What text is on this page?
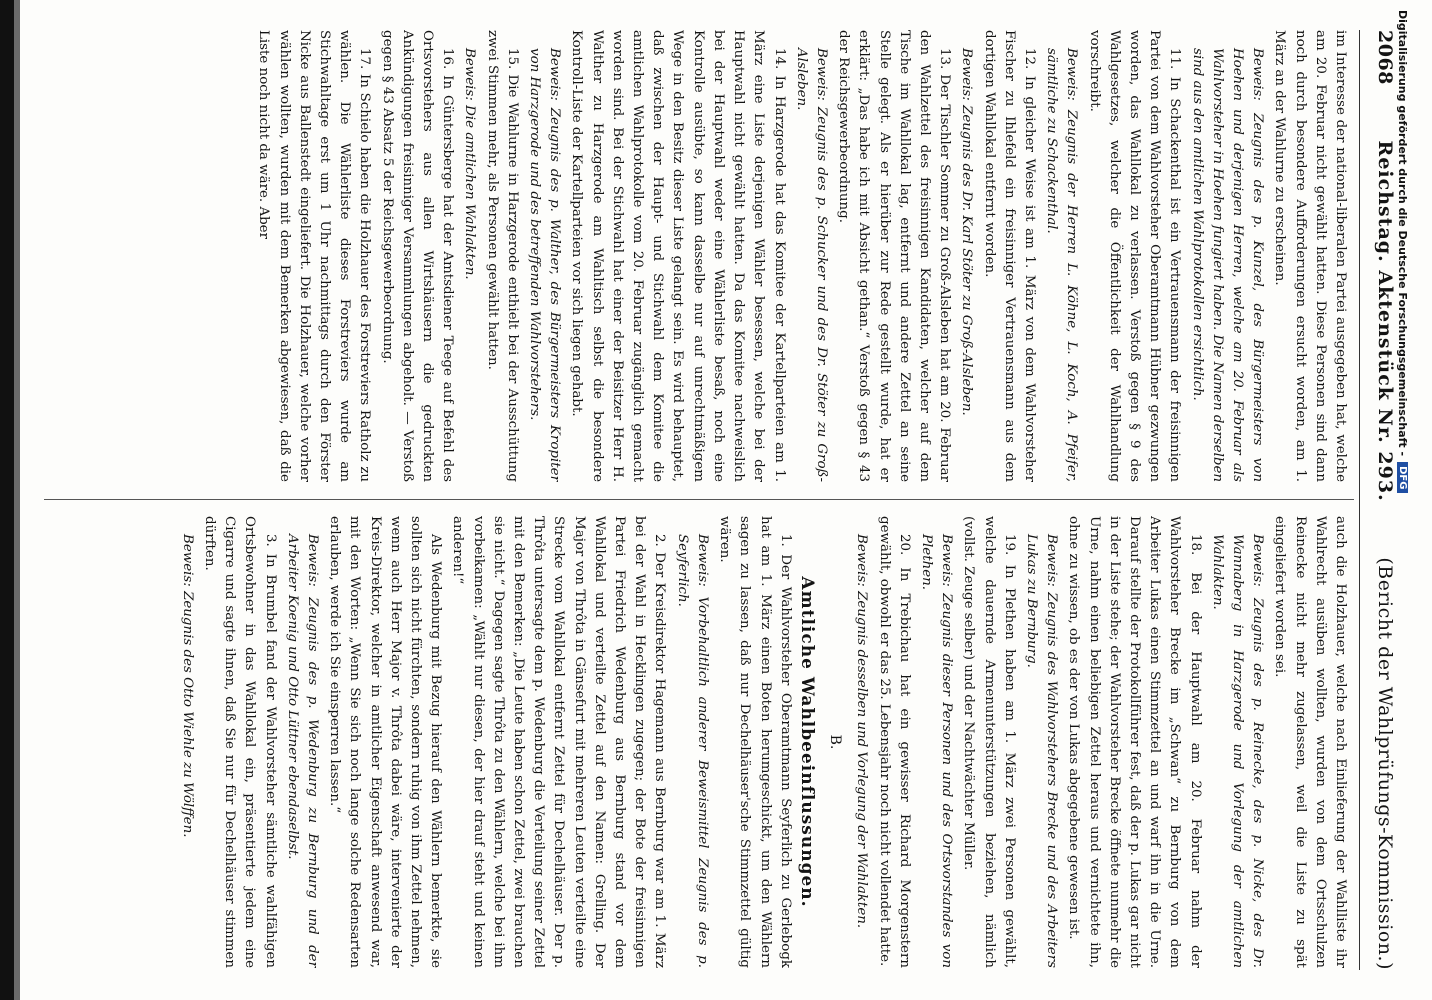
2068
Reichstag. Aktenstück Nr. 293.
(Bericht der Wahlprüfungs-Kommission.)

im Interesse der national-liberalen Partei ausgegeben hat, welche am 20. Februar nicht gewählt hatten. Diese Personen sind dann noch durch besondere Aufforderungen ersucht worden, am 1. März an der Wahlurne zu erscheinen.

Beweis: Zeugnis des p. Kunzel, des Bürgermeisters von Hoehen und derjenigen Herren, welche am 20. Februar als Wahlvorsteher in Hoehen fungiert haben. Die Namen derselben sind aus den amtlichen Wahlprotokollen ersichtlich.

11. In Schackenthal ist ein Vertrauensmann der freisinnigen Partei von dem Wahlvorsteher Oberamtmann Hübner gezwungen worden, das Wahllokal zu verlassen. Verstoß gegen § 9 des Wahlgesetzes, welcher die Öffentlichkeit der Wahlhandlung vorschreibt.

Beweis: Zeugnis der Herren L. Köhne, L. Koch, A. Pfeifer, sämtliche zu Schackenthal.

12. In gleicher Weise ist am 1. März von dem Wahlvorsteher Fischer zu Ihlefeld ein freisinniger Vertrauensmann aus dem dortigen Wahllokal entfernt worden.

Beweis: Zeugnis des Dr. Karl Stöter zu Groß-Alsleben.

13. Der Tischler Sommer zu Groß-Alsleben hat am 20. Februar den Wahlzettel des freisinnigen Kandidaten, welcher auf dem Tische im Wahllokal lag, entfernt und andere Zettel an seine Stelle gelegt. Als er hierüber zur Rede gestellt wurde, hat er erklärt: „Das habe ich mit Absicht gethan.“ Verstoß gegen § 43 der Reichsgewerbeordnung.

Beweis: Zeugnis des p. Schucker und des Dr. Stöter zu Groß-Alsleben.

14. In Harzgerode hat das Komitee der Kartellparteien am 1. März eine Liste derjenigen Wähler besessen, welche bei der Hauptwahl nicht gewählt hatten. Da das Komitee nachweislich bei der Hauptwahl weder eine Wählerliste besaß, noch eine Kontrolle ausübte, so kann dasselbe nur auf unrechtmäßigem Wege in den Besitz dieser Liste gelangt sein. Es wird behauptet, daß zwischen der Haupt- und Stichwahl dem Komitee die amtlichen Wahlprotokolle vom 20. Februar zugänglich gemacht worden sind. Bei der Stichwahl hat einer der Beisitzer Herr H. Walther zu Harzgerode am Wahltisch selbst die besondere Kontroll-Liste der Kartellparteien vor sich liegen gehabt.

Beweis: Zeugnis des p. Walther, des Bürgermeisters Kropiter von Harzgerode und des betreffenden Wahlvorstehers.

15. Die Wahlurne in Harzgerode enthielt bei der Ausschüttung zwei Stimmen mehr, als Personen gewählt hatten.

Beweis: Die amtlichen Wahlakten.

16. In Güntersberge hat der Amtsdiener Teege auf Befehl des Ortsvorstehers aus allen Wirtshäusern die gedruckten Ankündigungen freisinniger Versammlungen abgeholt. — Verstoß gegen § 43 Absatz 5 der Reichsgewerbeordnung.

17. In Schielo haben die Holzhauer des Forstreviers Ratholz zu wählen. Die Wählerliste dieses Forstreviers wurde am Stichwahltage erst um 1 Uhr nachmittags durch den Förster Nicke aus Ballenstedt eingeliefert. Die Holzhauer, welche vorher wählen wollten, wurden mit dem Bemerken abgewiesen, daß die Liste noch nicht da wäre. Aber

auch die Holzhauer, welche nach Einlieferung der Wahlliste ihr Wahlrecht ausüben wollten, wurden von dem Ortsschulzen Reinecke nicht mehr zugelassen, weil die Liste zu spät eingeliefert worden sei.

Beweis: Zeugnis des p. Reinecke, des p. Nicke, des Dr. Wannaberg in Harzgerode und Vorlegung der amtlichen Wahlakten.

18. Bei der Hauptwahl am 20. Februar nahm der Wahlvorsteher Brecke im „Schwan“ zu Bernburg von dem Arbeiter Lukas einen Stimmzettel an und warf ihn in die Urne. Darauf stellte der Protokollführer fest, daß der p. Lukas gar nicht in der Liste stehe; der Wahlvorsteher Brecke öffnete nunmehr die Urne, nahm einen beliebigen Zettel heraus und vernichtete ihn, ohne zu wissen, ob es der von Lukas abgegebene gewesen ist.

Beweis: Zeugnis des Wahlvorstehers Brecke und des Arbeiters Lukas zu Bernburg.

19. In Plethen haben am 1. März zwei Personen gewählt, welche dauernde Armenunterstützungen beziehen, nämlich (vollst. Zeuge selber) und der Nachtwächter Müller.

Beweis: Zeugnis dieser Personen und des Ortsvorstandes von Plethen.

20. In Trebichau hat ein gewisser Richard Morgenstern gewählt, obwohl er das 25. Lebensjahr noch nicht vollendet hatte.

Beweis: Zeugnis desselben und Vorlegung der Wahlakten.

B.
Amtliche Wahlbeeinflussungen.

1. Der Wahlvorsteher Oberamtmann Seyferlich zu Gerlebogk hat am 1. März einen Boten herumgeschickt, um den Wählern sagen zu lassen, daß nur Dechelhäuser'sche Stimmzettel gültig wären.

Beweis: Vorbehaltlich anderer Beweismittel Zeugnis des p. Seyferlich.

2. Der Kreisdirektor Hagemann aus Bernburg war am 1. März bei der Wahl in Hecklingen zugegen; der Bote der freisinnigen Partei Friedrich Wedenburg aus Bernburg stand vor dem Wahllokal und verteilte Zettel auf den Namen: Grelling. Der Major von Thrôta in Gänsefurt mit mehreren Leuten verteilte eine Strecke vom Wahllokal entfernt Zettel für Dechelhäuser. Der p. Thrôta untersagte dem p. Wedenburg die Verteilung seiner Zettel mit den Bemerken: „Die Leute haben schon Zettel, zwei brauchen sie nicht.“ Dagegen sagte Thrôta zu den Wählern, welche bei ihm vorbeikamen: „Wählt nur diesen, der hier drauf steht und keinen anderen!“

Als Wedenburg mit Bezug hierauf den Wählern bemerkte, sie sollten sich nicht fürchten, sondern ruhig von ihm Zettel nehmen, wenn auch Herr Major v. Thrôta dabei wäre, intervenierte der Kreis-Direktor, welcher in amtlicher Eigenschaft anwesend war, mit den Worten: „Wenn Sie sich noch lange solche Redensarten erlauben, werde ich Sie einsperren lassen.“

Beweis: Zeugnis des p. Wedenburg zu Bernburg und der Arbeiter Koenig und Otto Lüttner ebendaselbst.

3. In Brumbel fand der Wahlvorsteher sämtliche wahlfähigen Ortsbewohner in das Wahllokal ein, präsentierte jedem eine Cigarre und sagte ihnen, daß Sie nur für Dechelhäuser stimmen dürften.

Beweis: Zeugnis des Otto Wiehle zu Wölffen.

Digitalisierung gefördert durch die Deutsche Forschungsgemeinschaft -
DFG
